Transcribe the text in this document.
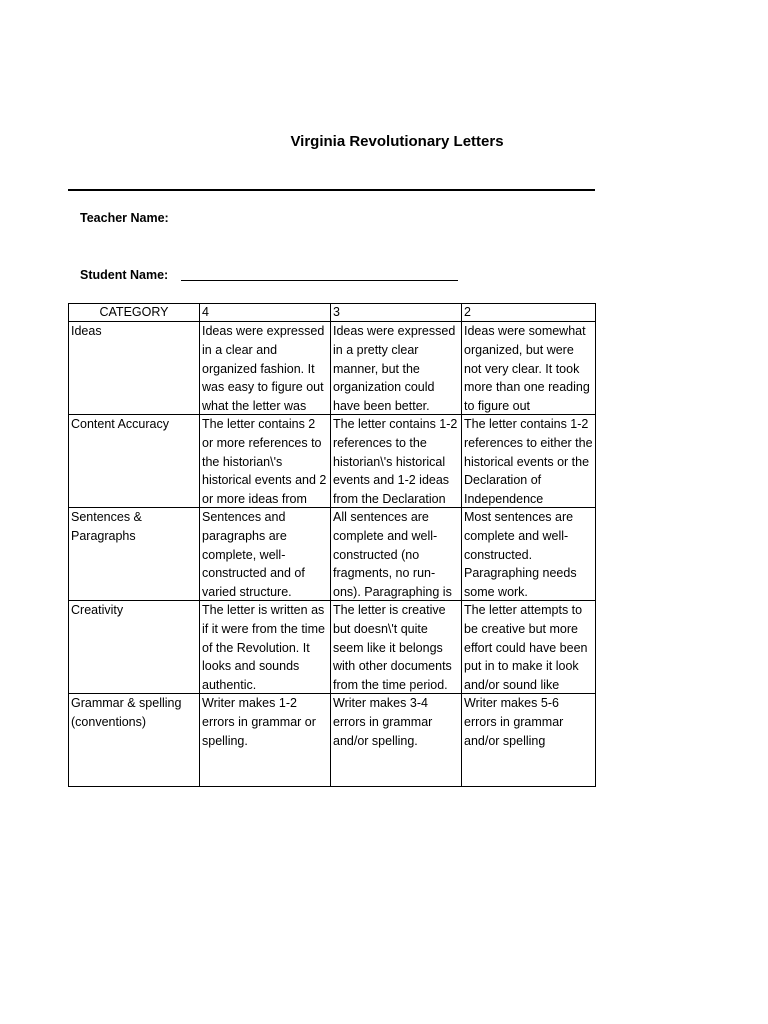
Virginia Revolutionary Letters
Teacher Name:
Student Name:
CATEGORY	4	3	2

Ideas	Ideas were expressed in a clear and organized fashion. It was easy to figure out what the letter was	Ideas were expressed in a pretty clear manner, but the organization could have been better.	Ideas were somewhat organized, but were not very clear. It took more than one reading to figure out

Content Accuracy	The letter contains 2 or more references to the historian\'s historical events and 2 or more ideas from	The letter contains 1-2 references to the historian\'s historical events and 1-2 ideas from the Declaration	The letter contains 1-2 references to either the historical events or the Declaration of Independence

Sentences & Paragraphs	Sentences and paragraphs are complete, well-constructed and of varied structure.	All sentences are complete and well-constructed (no fragments, no run-ons). Paragraphing is	Most sentences are complete and well-constructed. Paragraphing needs some work.

Creativity	The letter is written as if it were from the time of the Revolution. It looks and sounds authentic.	The letter is creative but doesn\'t quite seem like it belongs with other documents from the time period.	The letter attempts to be creative but more effort could have been put in to make it look and/or sound like

Grammar & spelling (conventions)	Writer makes 1-2 errors in grammar or spelling.	Writer makes 3-4 errors in grammar and/or spelling.	Writer makes 5-6 errors in grammar and/or spelling
